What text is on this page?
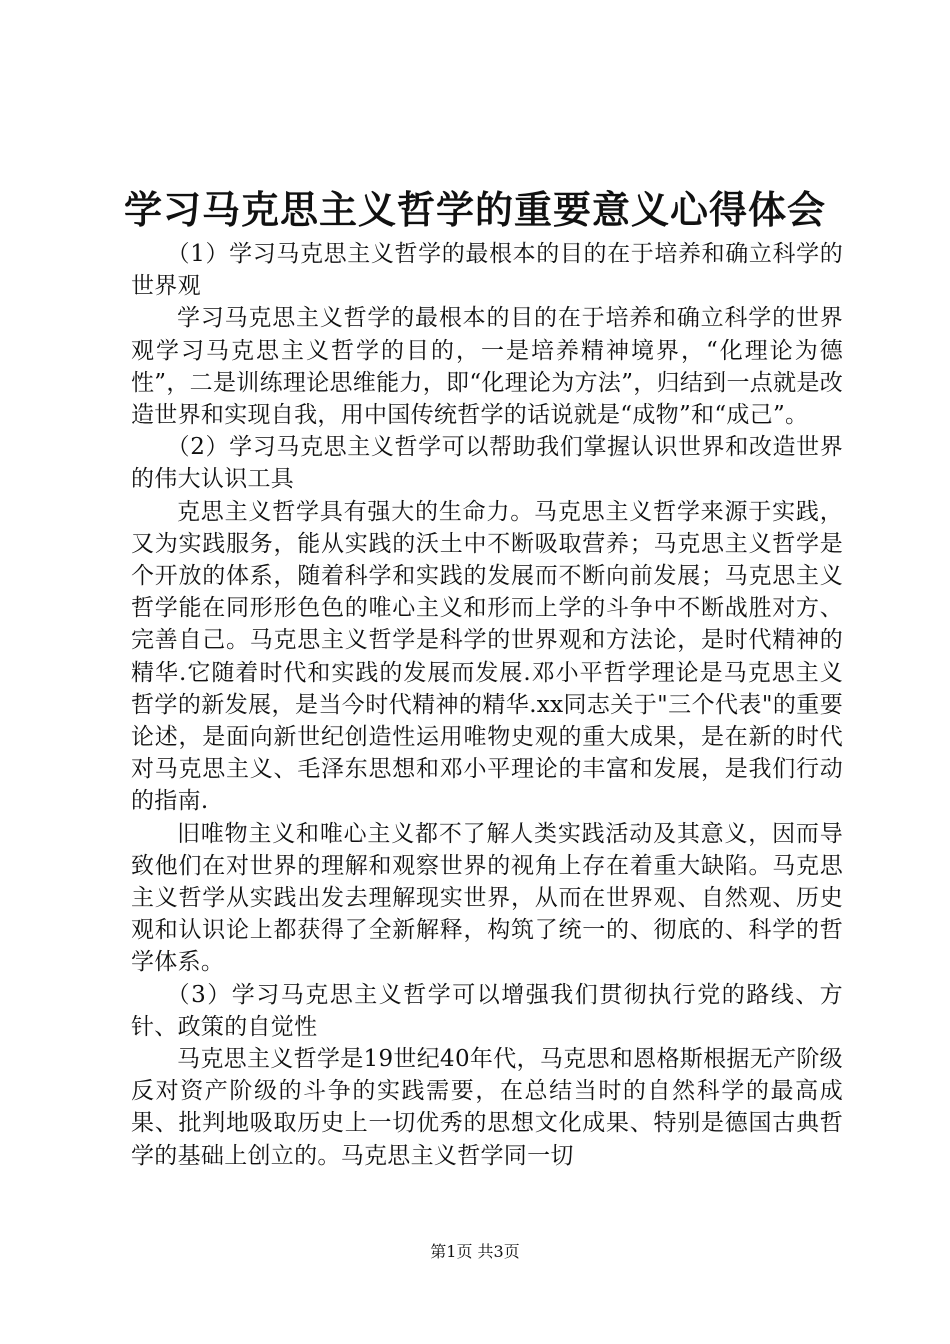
学习马克思主义哲学的重要意义心得体会

（1）学习马克思主义哲学的最根本的目的在于培养和确立科学的世界观

学习马克思主义哲学的最根本的目的在于培养和确立科学的世界观学习马克思主义哲学的目的，一是培养精神境界，“化理论为德性”，二是训练理论思维能力，即“化理论为方法”，归结到一点就是改造世界和实现自我，用中国传统哲学的话说就是“成物”和“成己”。

（2）学习马克思主义哲学可以帮助我们掌握认识世界和改造世界的伟大认识工具

克思主义哲学具有强大的生命力。马克思主义哲学来源于实践，又为实践服务，能从实践的沃土中不断吸取营养；马克思主义哲学是个开放的体系，随着科学和实践的发展而不断向前发展；马克思主义哲学能在同形形色色的唯心主义和形而上学的斗争中不断战胜对方、完善自己。马克思主义哲学是科学的世界观和方法论，是时代精神的精华.它随着时代和实践的发展而发展.邓小平哲学理论是马克思主义哲学的新发展，是当今时代精神的精华.xx同志关于"三个代表"的重要论述，是面向新世纪创造性运用唯物史观的重大成果，是在新的时代对马克思主义、毛泽东思想和邓小平理论的丰富和发展，是我们行动的指南.

旧唯物主义和唯心主义都不了解人类实践活动及其意义，因而导致他们在对世界的理解和观察世界的视角上存在着重大缺陷。马克思主义哲学从实践出发去理解现实世界，从而在世界观、自然观、历史观和认识论上都获得了全新解释，构筑了统一的、彻底的、科学的哲学体系。

（3）学习马克思主义哲学可以增强我们贯彻执行党的路线、方针、政策的自觉性

马克思主义哲学是19世纪40年代，马克思和恩格斯根据无产阶级反对资产阶级的斗争的实践需要，在总结当时的自然科学的最高成果、批判地吸取历史上一切优秀的思想文化成果、特别是德国古典哲学的基础上创立的。马克思主义哲学同一切

第1页 共3页
